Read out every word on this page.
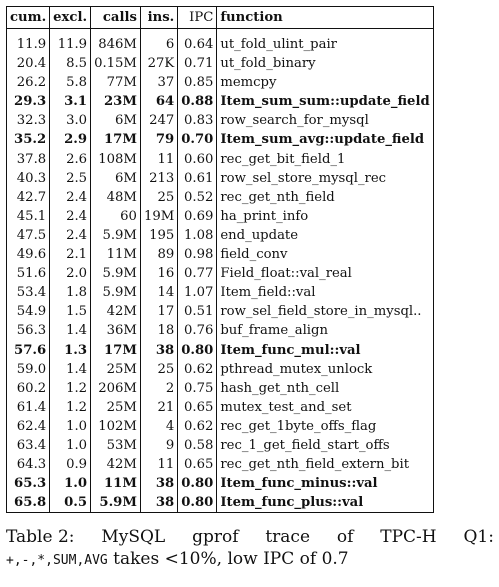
cum.	excl.	calls	ins.	IPC	function
11.9	11.9	846M	6	0.64	ut_fold_ulint_pair
20.4	8.5	0.15M	27K	0.71	ut_fold_binary
26.2	5.8	77M	37	0.85	memcpy
29.3	3.1	23M	64	0.88	Item_sum_sum::update_field
32.3	3.0	6M	247	0.83	row_search_for_mysql
35.2	2.9	17M	79	0.70	Item_sum_avg::update_field
37.8	2.6	108M	11	0.60	rec_get_bit_field_1
40.3	2.5	6M	213	0.61	row_sel_store_mysql_rec
42.7	2.4	48M	25	0.52	rec_get_nth_field
45.1	2.4	60	19M	0.69	ha_print_info
47.5	2.4	5.9M	195	1.08	end_update
49.6	2.1	11M	89	0.98	field_conv
51.6	2.0	5.9M	16	0.77	Field_float::val_real
53.4	1.8	5.9M	14	1.07	Item_field::val
54.9	1.5	42M	17	0.51	row_sel_field_store_in_mysql..
56.3	1.4	36M	18	0.76	buf_frame_align
57.6	1.3	17M	38	0.80	Item_func_mul::val
59.0	1.4	25M	25	0.62	pthread_mutex_unlock
60.2	1.2	206M	2	0.75	hash_get_nth_cell
61.4	1.2	25M	21	0.65	mutex_test_and_set
62.4	1.0	102M	4	0.62	rec_get_1byte_offs_flag
63.4	1.0	53M	9	0.58	rec_1_get_field_start_offs
64.3	0.9	42M	11	0.65	rec_get_nth_field_extern_bit
65.3	1.0	11M	38	0.80	Item_func_minus::val
65.8	0.5	5.9M	38	0.80	Item_func_plus::val
Table 2: MySQL gprof trace of TPC-H Q1:
+,-,*,SUM,AVG takes <10%, low IPC of 0.7
